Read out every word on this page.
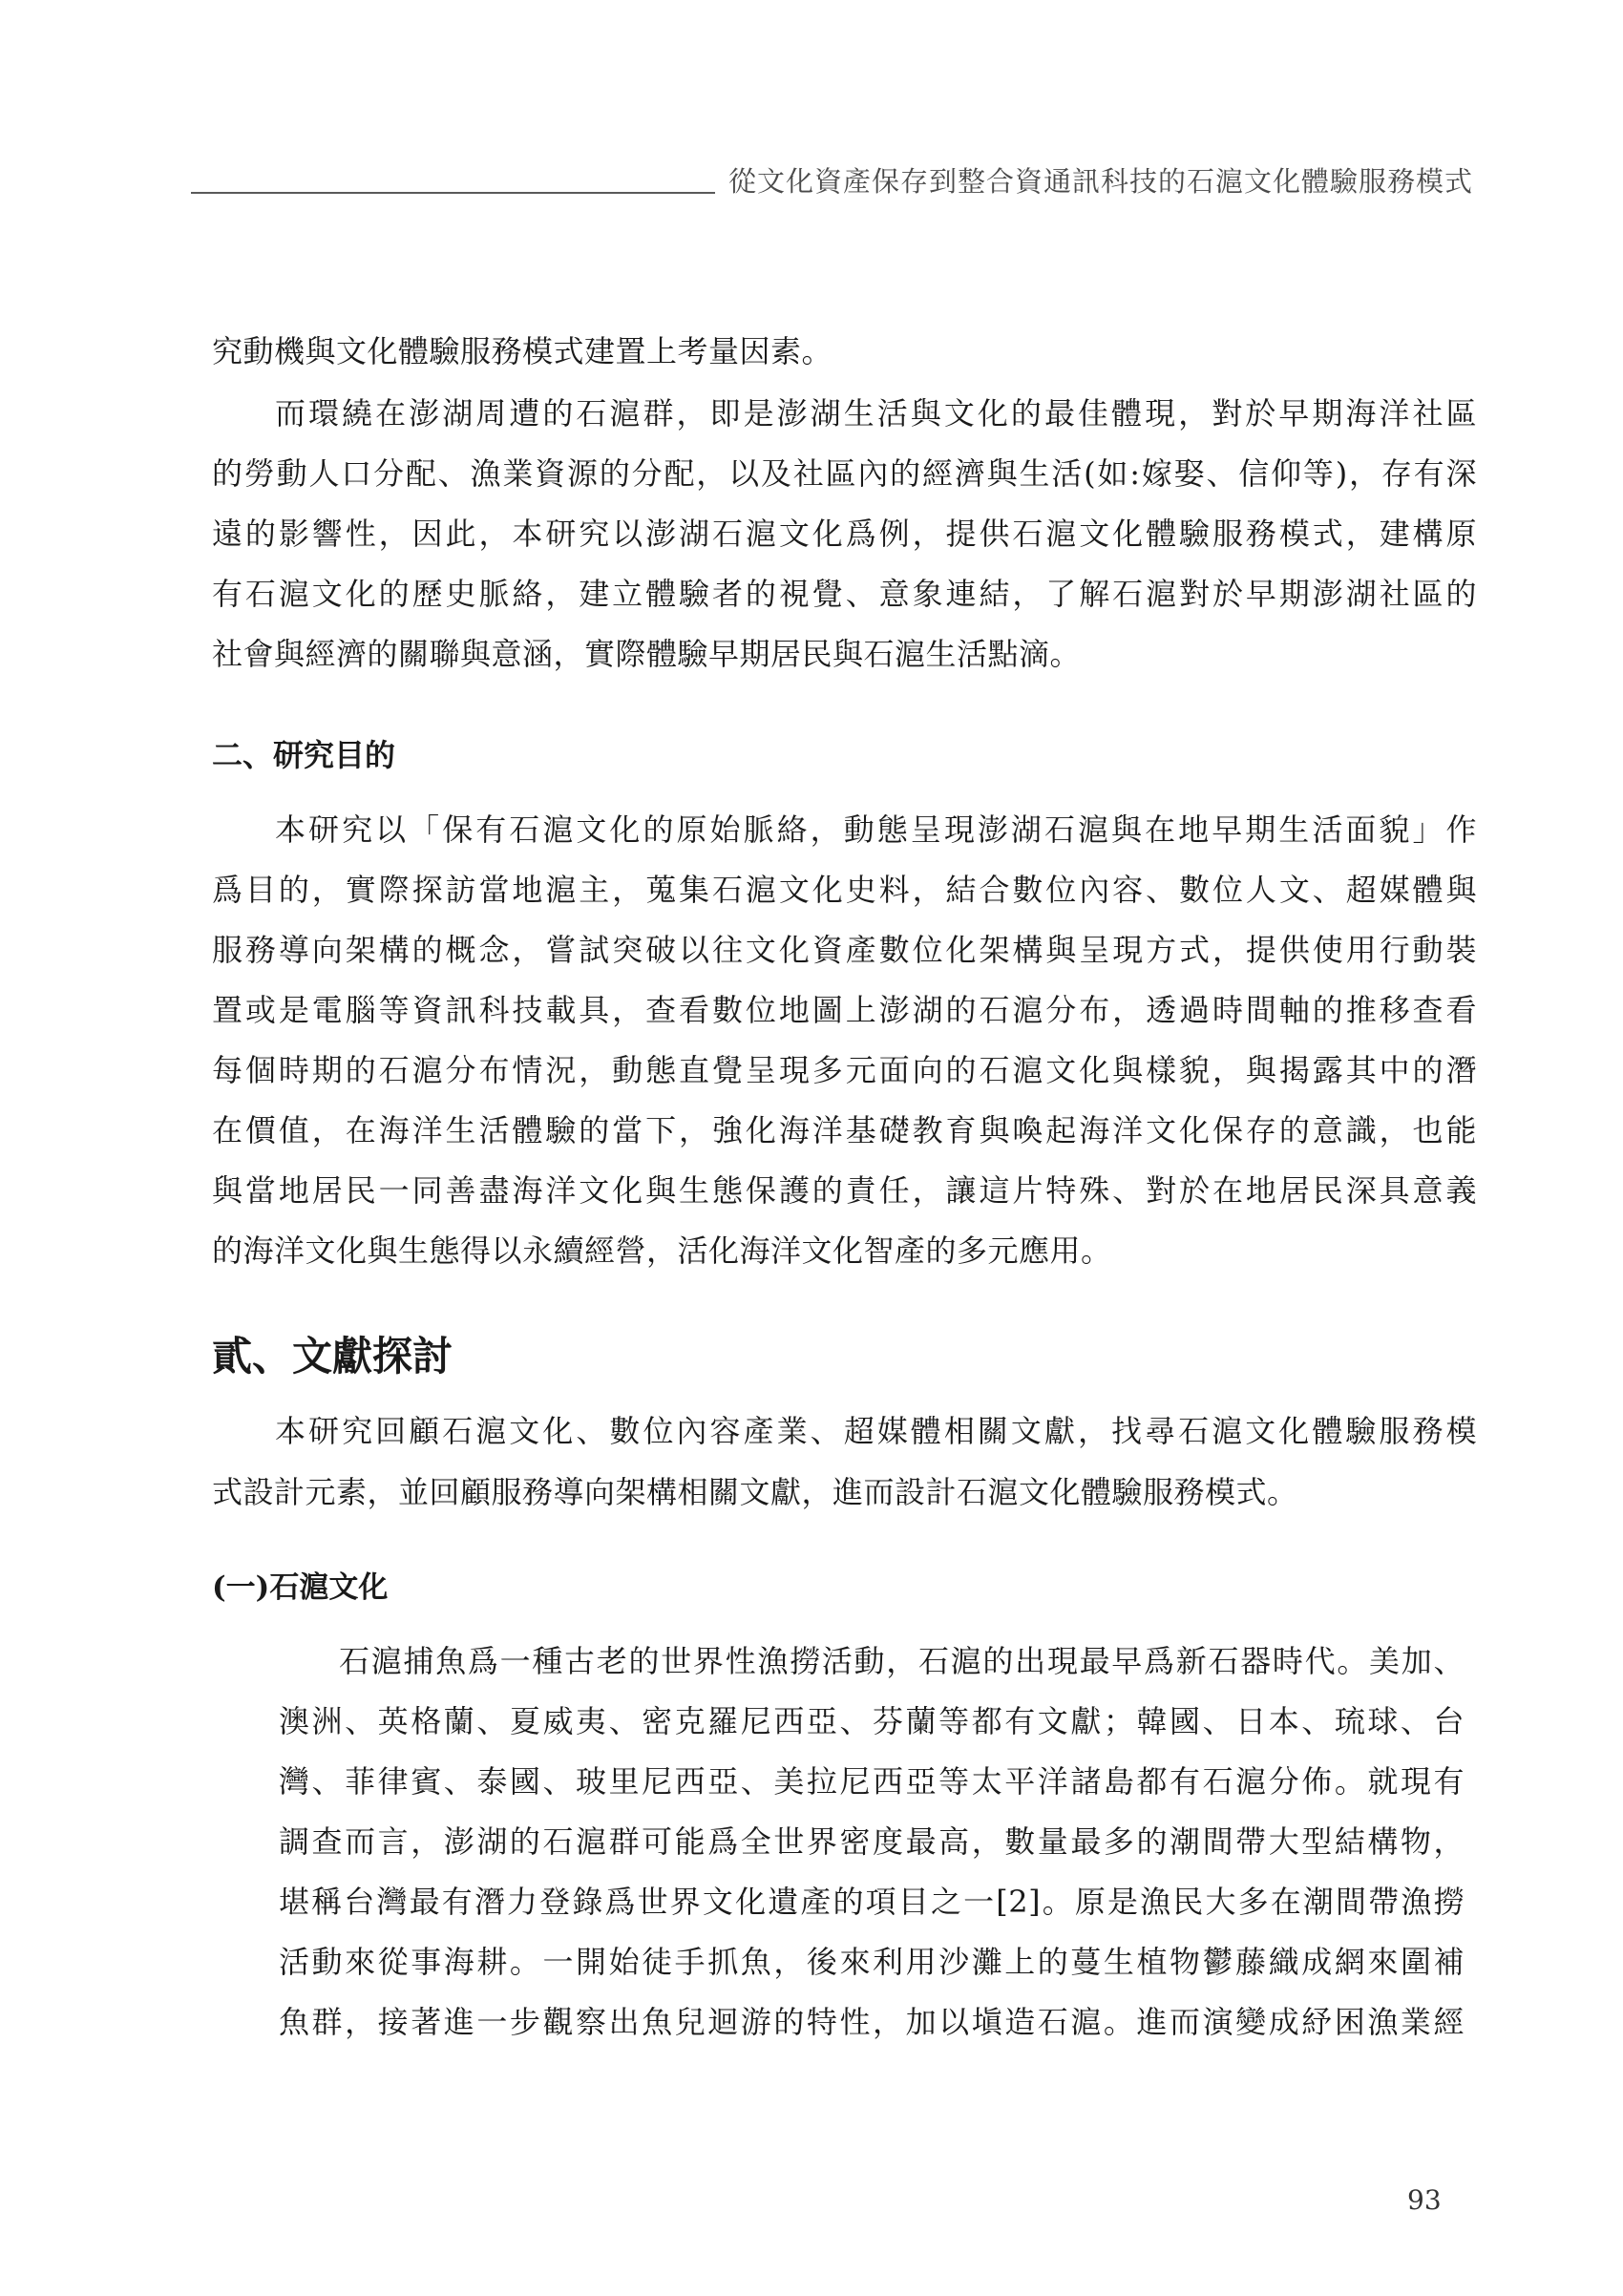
從文化資產保存到整合資通訊科技的石滬文化體驗服務模式
究動機與文化體驗服務模式建置上考量因素。
而環繞在澎湖周遭的石滬群，即是澎湖生活與文化的最佳體現，對於早期海洋社區
的勞動人口分配、漁業資源的分配，以及社區內的經濟與生活(如:嫁娶、信仰等)，存有深
遠的影響性，因此，本研究以澎湖石滬文化爲例，提供石滬文化體驗服務模式，建構原
有石滬文化的歷史脈絡，建立體驗者的視覺、意象連結，了解石滬對於早期澎湖社區的
社會與經濟的關聯與意涵，實際體驗早期居民與石滬生活點滴。
二、研究目的
本研究以「保有石滬文化的原始脈絡，動態呈現澎湖石滬與在地早期生活面貌」作
爲目的，實際探訪當地滬主，蒐集石滬文化史料，結合數位內容、數位人文、超媒體與
服務導向架構的概念，嘗試突破以往文化資產數位化架構與呈現方式，提供使用行動裝
置或是電腦等資訊科技載具，查看數位地圖上澎湖的石滬分布，透過時間軸的推移查看
每個時期的石滬分布情況，動態直覺呈現多元面向的石滬文化與樣貌，與揭露其中的潛
在價值，在海洋生活體驗的當下，強化海洋基礎教育與喚起海洋文化保存的意識，也能
與當地居民一同善盡海洋文化與生態保護的責任，讓這片特殊、對於在地居民深具意義
的海洋文化與生態得以永續經營，活化海洋文化智產的多元應用。
貳、文獻探討
本研究回顧石滬文化、數位內容產業、超媒體相關文獻，找尋石滬文化體驗服務模
式設計元素，並回顧服務導向架構相關文獻，進而設計石滬文化體驗服務模式。
(一)石滬文化
石滬捕魚爲一種古老的世界性漁撈活動，石滬的出現最早爲新石器時代。美加、
澳洲、英格蘭、夏威夷、密克羅尼西亞、芬蘭等都有文獻；韓國、日本、琉球、台
灣、菲律賓、泰國、玻里尼西亞、美拉尼西亞等太平洋諸島都有石滬分佈。就現有
調查而言，澎湖的石滬群可能爲全世界密度最高，數量最多的潮間帶大型結構物，
堪稱台灣最有潛力登錄爲世界文化遺產的項目之一[2]。原是漁民大多在潮間帶漁撈
活動來從事海耕。一開始徒手抓魚，後來利用沙灘上的蔓生植物鬱藤織成網來圍補
魚群，接著進一步觀察出魚兒迴游的特性，加以塡造石滬。進而演變成紓困漁業經
93
